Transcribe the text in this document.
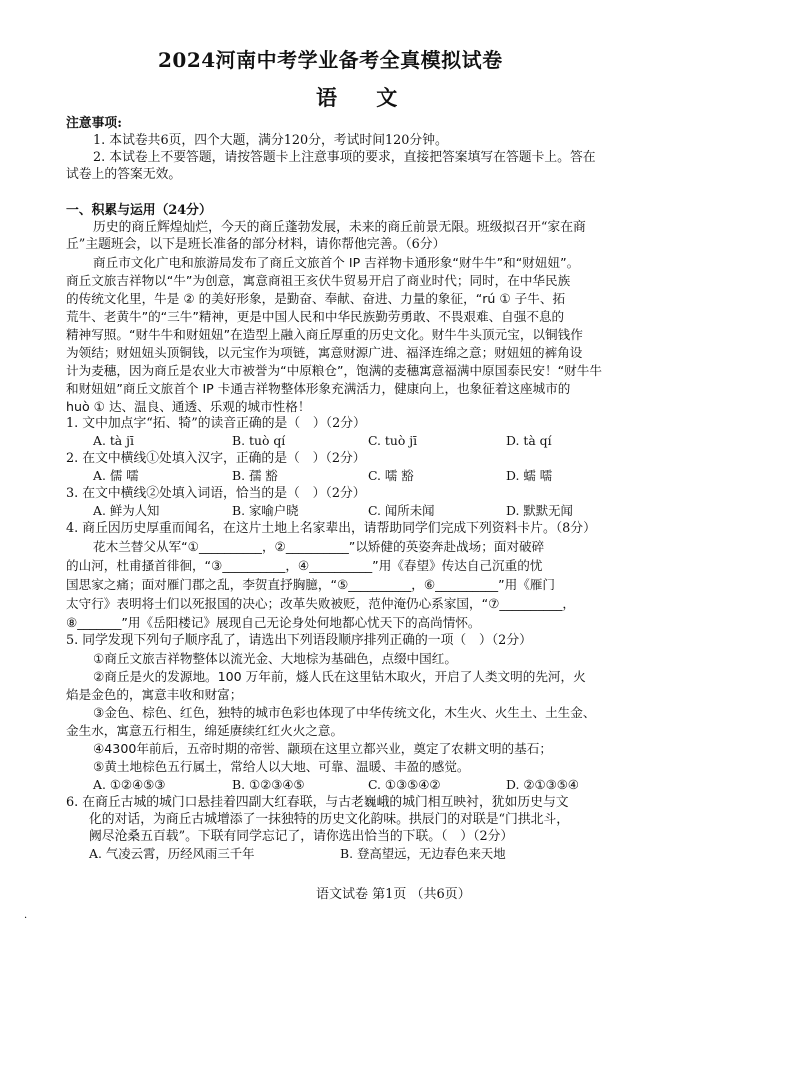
2024河南中考学业备考全真模拟试卷
语 文
注意事项:
1. 本试卷共6页，四个大题，满分120分，考试时间120分钟。
2. 本试卷上不要答题，请按答题卡上注意事项的要求，直接把答案填写在答题卡上。答在
试卷上的答案无效。
一、积累与运用（24分）
历史的商丘辉煌灿烂，今天的商丘蓬勃发展，未来的商丘前景无限。班级拟召开“家在商
丘”主题班会，以下是班长准备的部分材料，请你帮他完善。（6分）
商丘市文化广电和旅游局发布了商丘文旅首个 IP 吉祥物卡通形象“财牛牛”和“财妞妞”。
商丘文旅吉祥物以“牛”为创意，寓意商祖王亥伏牛贸易开启了商业时代；同时，在中华民族
的传统文化里，牛是 ② 的美好形象，是勤奋、奉献、奋进、力量的象征，“rú ① 子牛、拓
荒牛、老黄牛”的“三牛”精神，更是中国人民和中华民族勤劳勇敢、不畏艰难、自强不息的
精神写照。“财牛牛和财妞妞”在造型上融入商丘厚重的历史文化。财牛牛头顶元宝，以铜钱作
为领结；财妞妞头顶铜钱，以元宝作为项链，寓意财源广进、福泽连绵之意；财妞妞的裤角设
计为麦穗，因为商丘是农业大市被誉为“中原粮仓”，饱满的麦穗寓意福满中原国泰民安！“财牛牛
和财妞妞”商丘文旅首个 IP 卡通吉祥物整体形象充满活力，健康向上，也象征着这座城市的
huò ① 达、温良、通透、乐观的城市性格！
1. 文中加点字“拓、犄”的读音正确的是（　）（2分）
A. tà jī	B. tuò qí	C. tuò jī	D. tà qí
2. 在文中横线①处填入汉字，正确的是（　）（2分）
A. 儒 嚅	B. 孺 豁	C. 嚅 豁	D. 蠕 嚅
3. 在文中横线②处填入词语，恰当的是（　）（2分）
A. 鲜为人知	B. 家喻户晓	C. 闻所未闻	D. 默默无闻
4. 商丘因历史厚重而闻名，在这片土地上名家辈出，请帮助同学们完成下列资料卡片。（8分）
花木兰替父从军“①__________，②__________”以矫健的英姿奔赴战场；面对破碎
的山河，杜甫搔首徘徊，“③__________，④__________”用《春望》传达自己沉重的忧
国思家之痛；面对雁门郡之乱，李贺直抒胸臆，“⑤__________，⑥__________”用《雁门
太守行》表明将士们以死报国的决心；改革失败被贬，范仲淹仍心系家国，“⑦__________，
⑧_______”用《岳阳楼记》展现自己无论身处何地都心忧天下的高尚情怀。
5. 同学发现下列句子顺序乱了，请选出下列语段顺序排列正确的一项（　）（2分）
①商丘文旅吉祥物整体以流光金、大地棕为基础色，点缀中国红。
②商丘是火的发源地。100 万年前，燧人氏在这里钻木取火，开启了人类文明的先河，火
焰是金色的，寓意丰收和财富；
③金色、棕色、红色，独特的城市色彩也体现了中华传统文化，木生火、火生土、土生金、
金生水，寓意五行相生，绵延赓续红红火火之意。
④4300年前后，五帝时期的帝喾、颛顼在这里立都兴业，奠定了农耕文明的基石；
⑤黄土地棕色五行属土，常给人以大地、可靠、温暖、丰盈的感觉。
A. ①②④⑤③	B. ①②③④⑤	C. ①③⑤④②	D. ②①③⑤④
6. 在商丘古城的城门口悬挂着四副大红春联，与古老巍峨的城门相互映衬，犹如历史与文
化的对话，为商丘古城增添了一抹独特的历史文化韵味。拱辰门的对联是“门拱北斗，
阙尽沧桑五百载”。下联有同学忘记了，请你选出恰当的下联。（　）（2分）
A. 气凌云霄，历经风雨三千年	B. 登高望远，无边春色来天地
语文试卷 第1页 （共6页）
·
